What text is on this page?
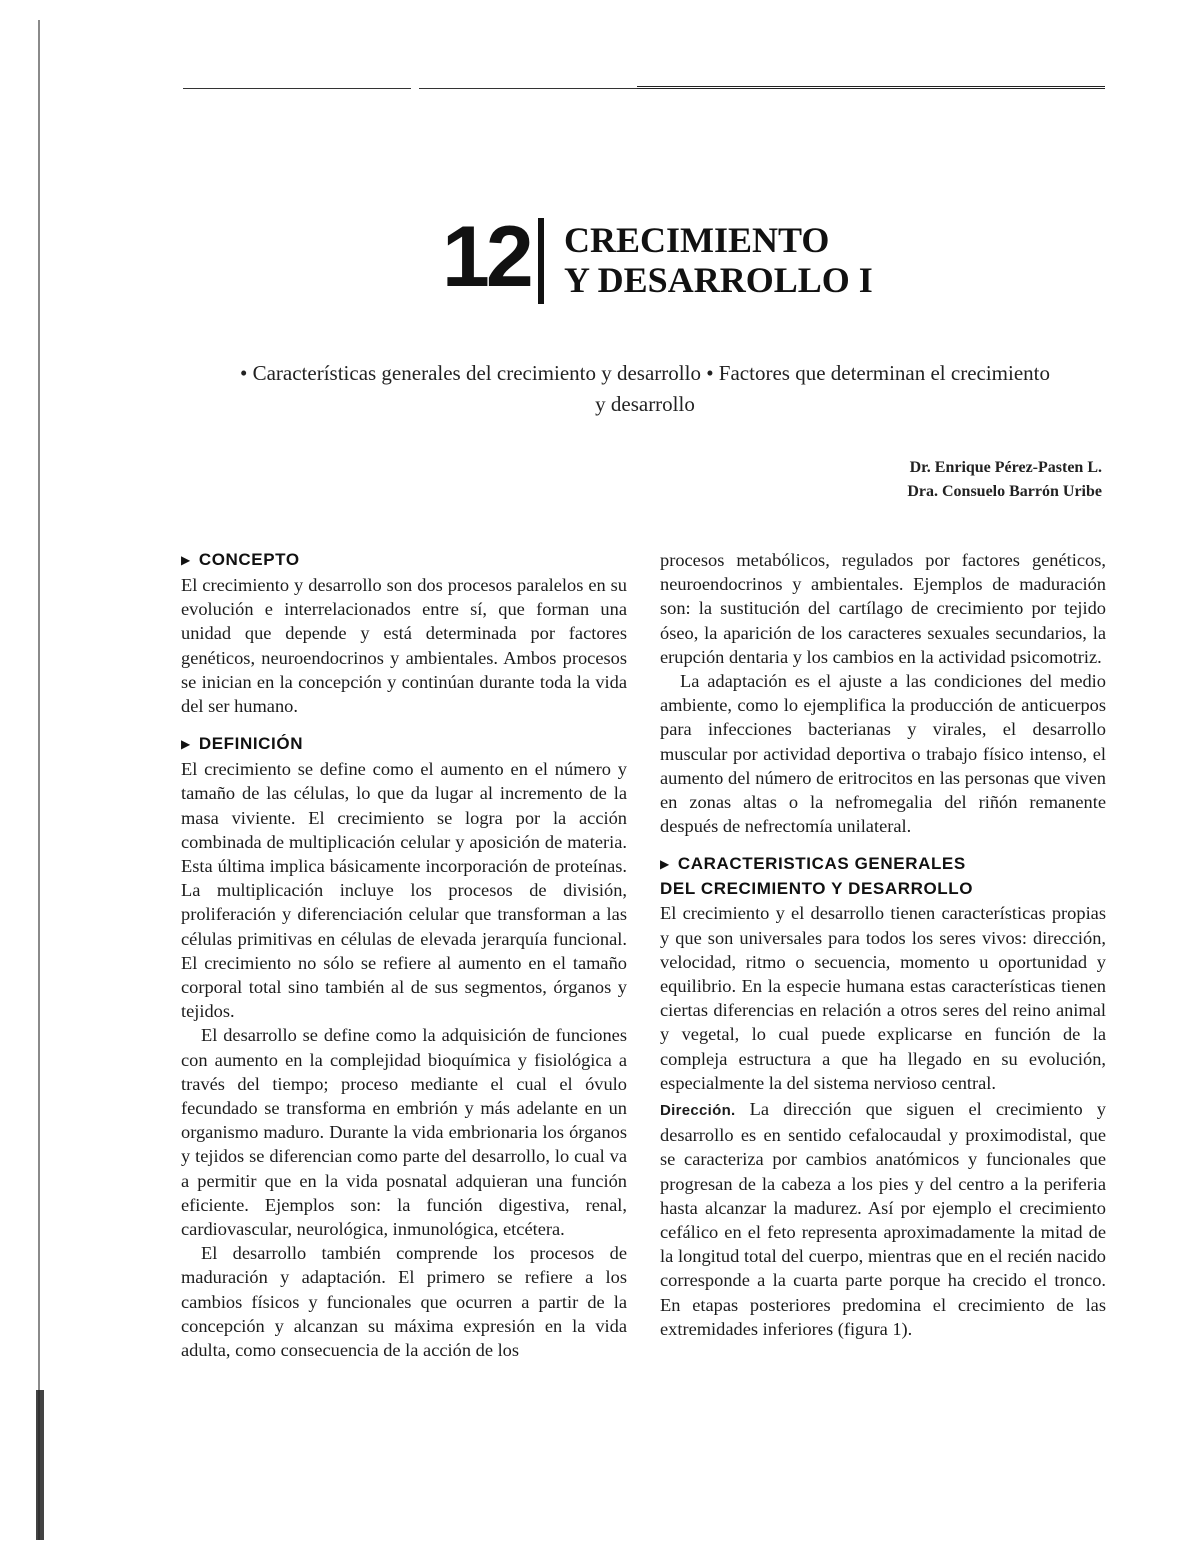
12 CRECIMIENTO
Y DESARROLLO I
• Características generales del crecimiento y desarrollo • Factores que determinan el crecimiento
y desarrollo
Dr. Enrique Pérez-Pasten L.
Dra. Consuelo Barrón Uribe
▶ CONCEPTO

El crecimiento y desarrollo son dos procesos paralelos en su evolución e interrelacionados entre sí, que forman una unidad que depende y está determinada por factores genéticos, neuroendocrinos y ambientales. Ambos procesos se inician en la concepción y continúan durante toda la vida del ser humano.

▶ DEFINICIÓN

El crecimiento se define como el aumento en el número y tamaño de las células, lo que da lugar al incremento de la masa viviente. El crecimiento se logra por la acción combinada de multiplicación celular y aposición de materia. Esta última implica básicamente incorporación de proteínas. La multiplicación incluye los procesos de división, proliferación y diferenciación celular que transforman a las células primitivas en células de elevada jerarquía funcional. El crecimiento no sólo se refiere al aumento en el tamaño corporal total sino también al de sus segmentos, órganos y tejidos.

El desarrollo se define como la adquisición de funciones con aumento en la complejidad bioquímica y fisiológica a través del tiempo; proceso mediante el cual el óvulo fecundado se transforma en embrión y más adelante en un organismo maduro. Durante la vida embrionaria los órganos y tejidos se diferencian como parte del desarrollo, lo cual va a permitir que en la vida posnatal adquieran una función eficiente. Ejemplos son: la función digestiva, renal, cardiovascular, neurológica, inmunológica, etcétera.

El desarrollo también comprende los procesos de maduración y adaptación. El primero se refiere a los cambios físicos y funcionales que ocurren a partir de la concepción y alcanzan su máxima expresión en la vida adulta, como consecuencia de la acción de los

procesos metabólicos, regulados por factores genéticos, neuroendocrinos y ambientales. Ejemplos de maduración son: la sustitución del cartílago de crecimiento por tejido óseo, la aparición de los caracteres sexuales secundarios, la erupción dentaria y los cambios en la actividad psicomotriz.

La adaptación es el ajuste a las condiciones del medio ambiente, como lo ejemplifica la producción de anticuerpos para infecciones bacterianas y virales, el desarrollo muscular por actividad deportiva o trabajo físico intenso, el aumento del número de eritrocitos en las personas que viven en zonas altas o la nefromegalia del riñón remanente después de nefrectomía unilateral.

▶ CARACTERISTICAS GENERALES
DEL CRECIMIENTO Y DESARROLLO

El crecimiento y el desarrollo tienen características propias y que son universales para todos los seres vivos: dirección, velocidad, ritmo o secuencia, momento u oportunidad y equilibrio. En la especie humana estas características tienen ciertas diferencias en relación a otros seres del reino animal y vegetal, lo cual puede explicarse en función de la compleja estructura a que ha llegado en su evolución, especialmente la del sistema nervioso central.

Dirección. La dirección que siguen el crecimiento y desarrollo es en sentido cefalocaudal y proximodistal, que se caracteriza por cambios anatómicos y funcionales que progresan de la cabeza a los pies y del centro a la periferia hasta alcanzar la madurez. Así por ejemplo el crecimiento cefálico en el feto representa aproximadamente la mitad de la longitud total del cuerpo, mientras que en el recién nacido corresponde a la cuarta parte porque ha crecido el tronco. En etapas posteriores predomina el crecimiento de las extremidades inferiores (figura 1).
